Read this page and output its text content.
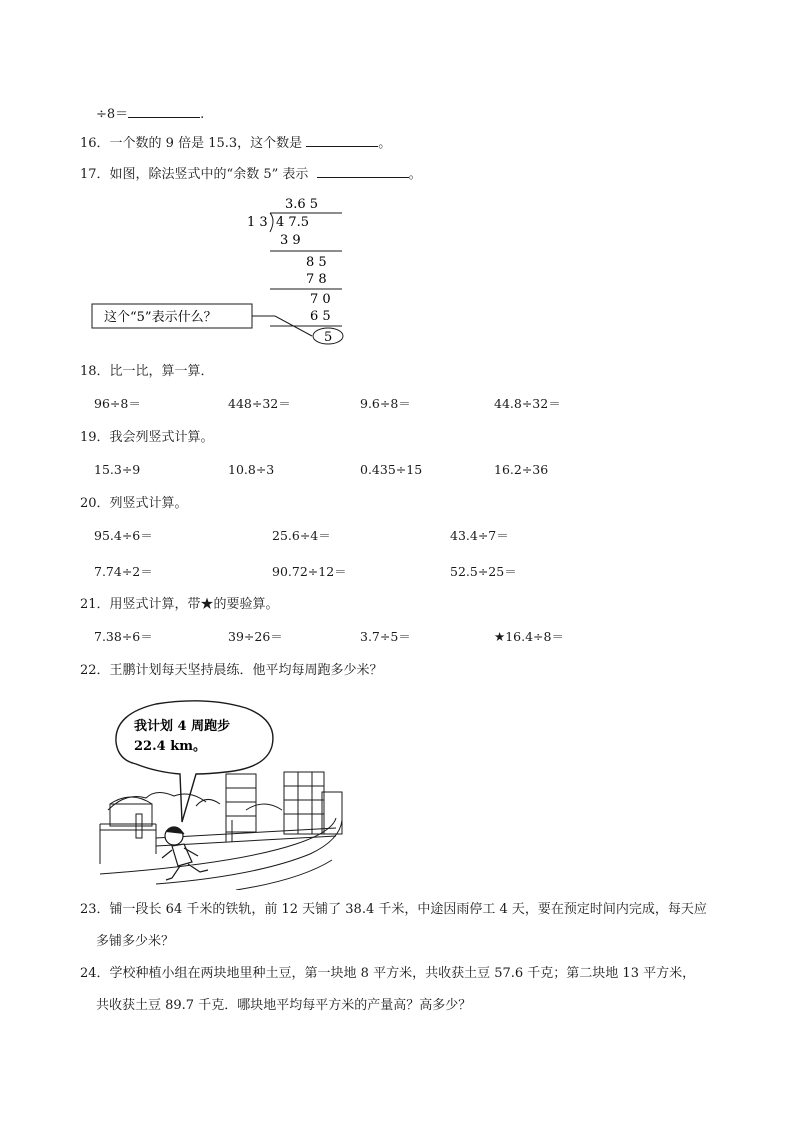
÷8＝	.
16．一个数的 9 倍是 15.3，这个数是	。
17．如图，除法竖式中的“余数 5” 表示	。
3.6 5
1 3 4 7.5
3 9
8 5
7 8
7 0
6 5
5
这个“5”表示什么？
18．比一比，算一算．
96÷8＝	448÷32＝	9.6÷8＝	44.8÷32＝
19．我会列竖式计算。
15.3÷9	10.8÷3	0.435÷15	16.2÷36
20．列竖式计算。
95.4÷6＝	25.6÷4＝	43.4÷7＝
7.74÷2＝	90.72÷12＝	52.5÷25＝
21．用竖式计算，带★的要验算。
7.38÷6＝	39÷26＝	3.7÷5＝	★16.4÷8＝
22．王鹏计划每天坚持晨练．他平均每周跑多少米？
我计划 4 周跑步
22.4 km。
23．铺一段长 64 千米的铁轨，前 12 天铺了 38.4 千米，中途因雨停工 4 天，要在预定时间内完成，每天应
多铺多少米？
24．学校种植小组在两块地里种土豆，第一块地 8 平方米，共收获土豆 57.6 千克；第二块地 13 平方米，
共收获土豆 89.7 千克．哪块地平均每平方米的产量高？高多少？
